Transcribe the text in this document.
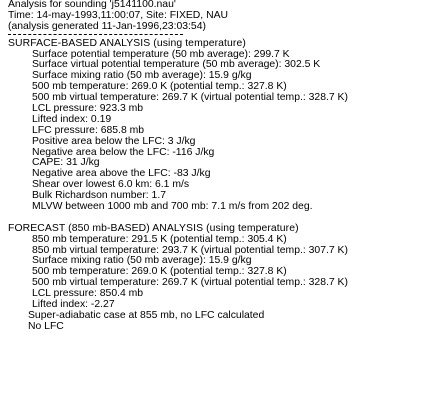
Analysis for sounding 'j5141100.nau'
Time: 14-may-1993,11:00:07, Site: FIXED, NAU
(analysis generated 11-Jan-1996,23:03:54)
SURFACE-BASED ANALYSIS (using temperature)
Surface potential temperature (50 mb average): 299.7 K
Surface virtual potential temperature (50 mb average): 302.5 K
Surface mixing ratio (50 mb average): 15.9 g/kg
500 mb temperature: 269.0 K (potential temp.: 327.8 K)
500 mb virtual temperature: 269.7 K (virtual potential temp.: 328.7 K)
LCL pressure: 923.3 mb
Lifted index: 0.19
LFC pressure: 685.8 mb
Positive area below the LFC: 3 J/kg
Negative area below the LFC: -116 J/kg
CAPE: 31 J/kg
Negative area above the LFC: -83 J/kg
Shear over lowest 6.0 km: 6.1 m/s
Bulk Richardson number: 1.7
MLVW between 1000 mb and 700 mb: 7.1 m/s from 202 deg.
FORECAST (850 mb-BASED) ANALYSIS (using temperature)
850 mb temperature: 291.5 K (potential temp.: 305.4 K)
850 mb virtual temperature: 293.7 K (virtual potential temp.: 307.7 K)
Surface mixing ratio (50 mb average): 15.9 g/kg
500 mb temperature: 269.0 K (potential temp.: 327.8 K)
500 mb virtual temperature: 269.7 K (virtual potential temp.: 328.7 K)
LCL pressure: 850.4 mb
Lifted index: -2.27
Super-adiabatic case at 855 mb, no LFC calculated
No LFC
